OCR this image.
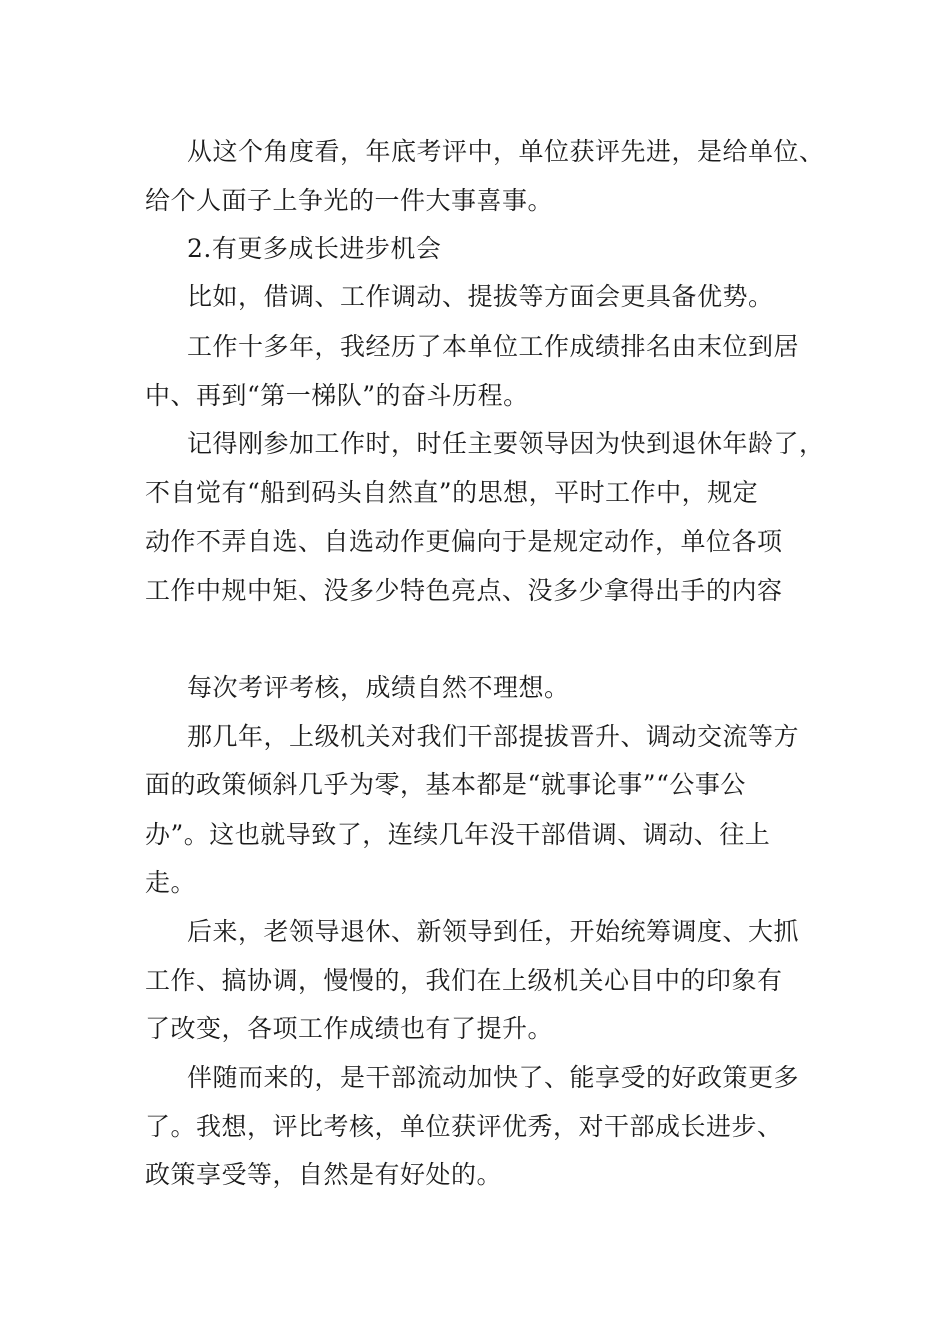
从这个角度看，年底考评中，单位获评先进，是给单位、
给个人面子上争光的一件大事喜事。
2.有更多成长进步机会
比如，借调、工作调动、提拔等方面会更具备优势。
工作十多年，我经历了本单位工作成绩排名由末位到居
中、再到“第一梯队”的奋斗历程。
记得刚参加工作时，时任主要领导因为快到退休年龄了，
不自觉有“船到码头自然直”的思想，平时工作中，规定
动作不弄自选、自选动作更偏向于是规定动作，单位各项
工作中规中矩、没多少特色亮点、没多少拿得出手的内容
每次考评考核，成绩自然不理想。
那几年，上级机关对我们干部提拔晋升、调动交流等方
面的政策倾斜几乎为零，基本都是“就事论事”“公事公
办”。这也就导致了，连续几年没干部借调、调动、往上
走。
后来，老领导退休、新领导到任，开始统筹调度、大抓
工作、搞协调，慢慢的，我们在上级机关心目中的印象有
了改变，各项工作成绩也有了提升。
伴随而来的，是干部流动加快了、能享受的好政策更多
了。我想，评比考核，单位获评优秀，对干部成长进步、
政策享受等，自然是有好处的。
